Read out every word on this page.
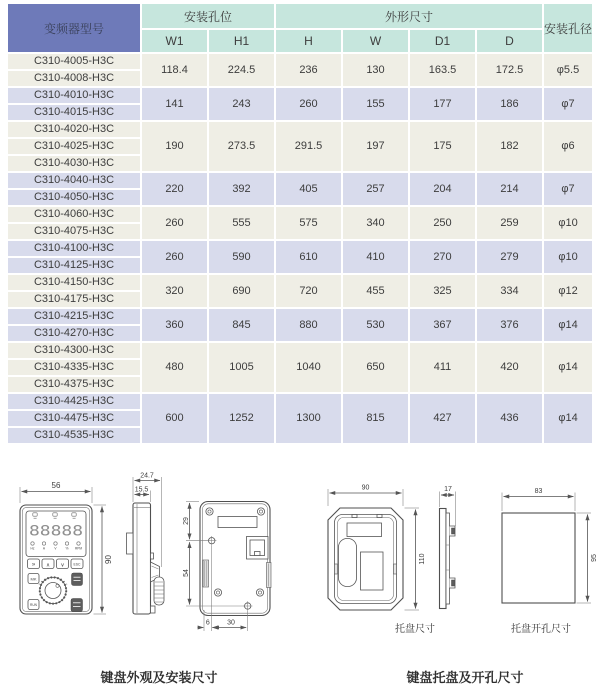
变频器型号	安装孔位		外形尺寸				安装孔径
	W1	H1	H	W	D1	D	
C310-4005-H3C	118.4	224.5	236	130	163.5	172.5	φ5.5
C310-4008-H3C							
C310-4010-H3C	141	243	260	155	177	186	φ7
C310-4015-H3C							
C310-4020-H3C	190	273.5	291.5	197	175	182	φ6
C310-4025-H3C							
C310-4030-H3C							
C310-4040-H3C	220	392	405	257	204	214	φ7
C310-4050-H3C							
C310-4060-H3C	260	555	575	340	250	259	φ10
C310-4075-H3C							
C310-4100-H3C	260	590	610	410	270	279	φ10
C310-4125-H3C							
C310-4150-H3C	320	690	720	455	325	334	φ12
C310-4175-H3C							
C310-4215-H3C	360	845	880	530	367	376	φ14
C310-4270-H3C							
C310-4300-H3C	480	1005	1040	650	411	420	φ14
C310-4335-H3C							
C310-4375-H3C							
C310-4425-H3C	600	1252	1300	815	427	436	φ14
C310-4475-H3C							
C310-4535-H3C							
56
90
88888
Hz	A	V	% RPM
» ∧ ∨	ESC
MK
RUN
24.7
15.5
29
54
6 30
90
110
托盘尺寸
17	83
95
托盘开孔尺寸
键盘外观及安装尺寸	键盘托盘及开孔尺寸
